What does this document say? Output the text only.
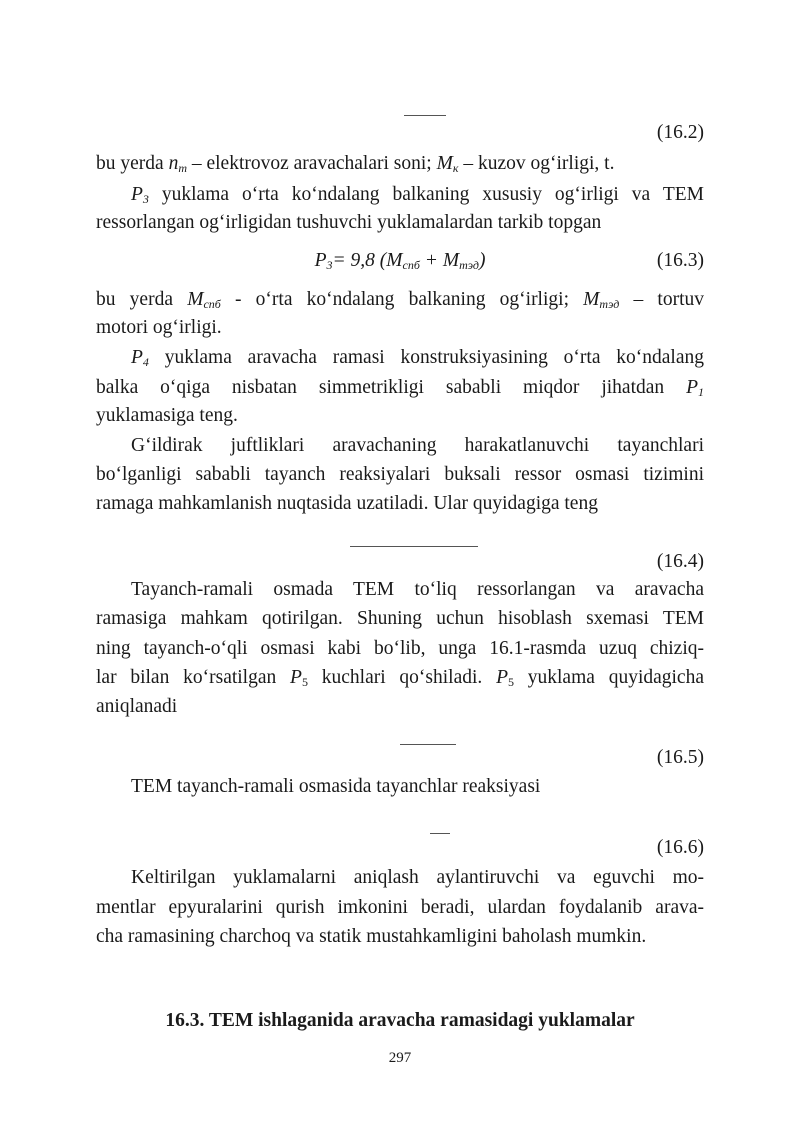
(16.2)
bu yerda $n_m$ – elektrovoz aravachalari soni; $M_к$ – kuzov og‘irligi, t.
$P_3$ yuklama o‘rta ko‘ndalang balkaning xususiy og‘irligi va TEM
ressorlangan og‘irligidan tushuvchi yuklamalardan tarkib topgan
$P_3= 9,8$ $(M_{спб} + M_{тэд})$	(16.3)
bu yerda $M_{спб}$ - o‘rta ko‘ndalang balkaning og‘irligi; $M_{тэд}$ – tortuv
motori og‘irligi.
$P_4$ yuklama aravacha ramasi konstruksiyasining o‘rta ko‘ndalang
balka o‘qiga nisbatan simmetrikligi sababli miqdor jihatdan $P_1$
yuklamasiga teng.
G‘ildirak juftliklari aravachaning harakatlanuvchi tayanchlari
bo‘lganligi sababli tayanch reaksiyalari buksali ressor osmasi tizimini
ramaga mahkamlanish nuqtasida uzatiladi. Ular quyidagiga teng
(16.4)
Tayanch-ramali osmada TEM to‘liq ressorlangan va aravacha
ramasiga mahkam qotirilgan. Shuning uchun hisoblash sxemasi TEM
ning tayanch-o‘qli osmasi kabi bo‘lib, unga 16.1-rasmda uzuq chiziq-
lar bilan ko‘rsatilgan $P_5$ kuchlari qo‘shiladi. $P_5$ yuklama quyidagicha
aniqlanadi
(16.5)
TEM tayanch-ramali osmasida tayanchlar reaksiyasi
(16.6)
Keltirilgan yuklamalarni aniqlash aylantiruvchi va eguvchi mo-
mentlar epyuralarini qurish imkonini beradi, ulardan foydalanib arava-
cha ramasining charchoq va statik mustahkamligini baholash mumkin.
16.3. TEM ishlaganida aravacha ramasidagi yuklamalar
297
